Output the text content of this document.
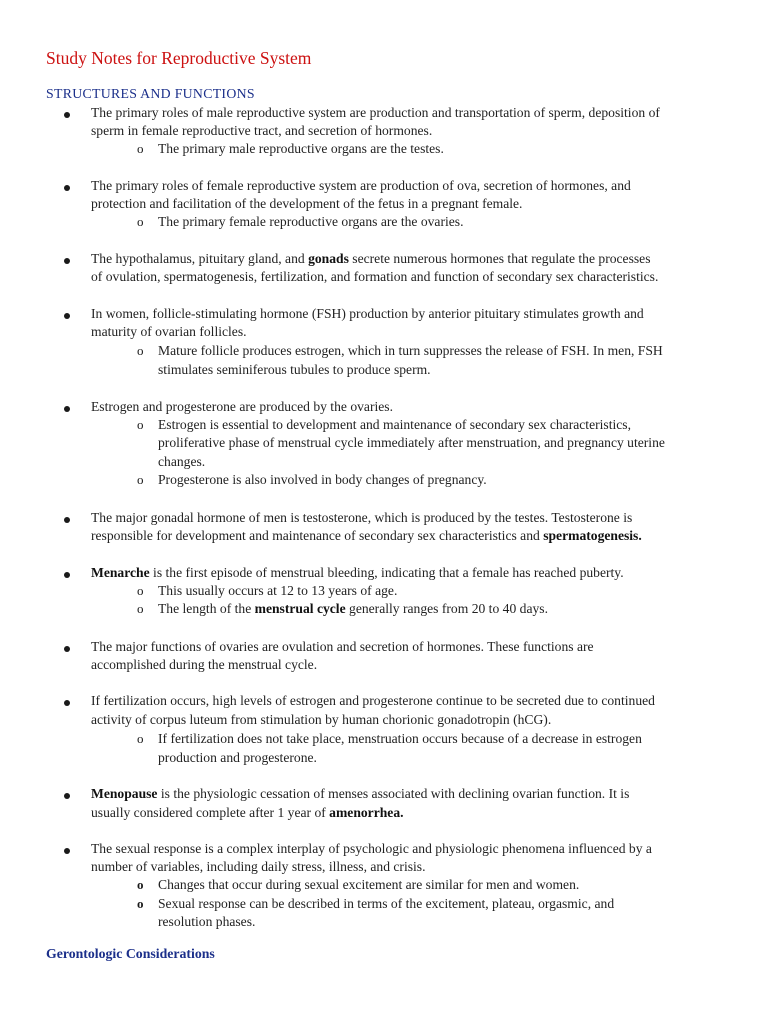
Study Notes for Reproductive System
STRUCTURES AND FUNCTIONS

The primary roles of male reproductive system are production and transportation of sperm, deposition of

sperm in female reproductive tract, and secretion of hormones.

o The primary male reproductive organs are the testes.

The primary roles of female reproductive system are production of ova, secretion of hormones, and

protection and facilitation of the development of the fetus in a pregnant female.

o The primary female reproductive organs are the ovaries.

The hypothalamus, pituitary gland, and gonads secrete numerous hormones that regulate the processes

of ovulation, spermatogenesis, fertilization, and formation and function of secondary sex characteristics.

In women, follicle-stimulating hormone (FSH) production by anterior pituitary stimulates growth and

maturity of ovarian follicles.

o Mature follicle produces estrogen, which in turn suppresses the release of FSH. In men, FSH

stimulates seminiferous tubules to produce sperm.

Estrogen and progesterone are produced by the ovaries.

o Estrogen is essential to development and maintenance of secondary sex characteristics,

proliferative phase of menstrual cycle immediately after menstruation, and pregnancy uterine

changes.

o Progesterone is also involved in body changes of pregnancy.

The major gonadal hormone of men is testosterone, which is produced by the testes. Testosterone is

responsible for development and maintenance of secondary sex characteristics and spermatogenesis.

Menarche is the first episode of menstrual bleeding, indicating that a female has reached puberty.

o This usually occurs at 12 to 13 years of age.

o The length of the menstrual cycle generally ranges from 20 to 40 days.

The major functions of ovaries are ovulation and secretion of hormones. These functions are

accomplished during the menstrual cycle.

If fertilization occurs, high levels of estrogen and progesterone continue to be secreted due to continued

activity of corpus luteum from stimulation by human chorionic gonadotropin (hCG).

o If fertilization does not take place, menstruation occurs because of a decrease in estrogen

production and progesterone.

Menopause is the physiologic cessation of menses associated with declining ovarian function. It is

usually considered complete after 1 year of amenorrhea.

The sexual response is a complex interplay of psychologic and physiologic phenomena influenced by a

number of variables, including daily stress, illness, and crisis.

o Changes that occur during sexual excitement are similar for men and women.

o Sexual response can be described in terms of the excitement, plateau, orgasmic, and

resolution phases.

Gerontologic Considerations
